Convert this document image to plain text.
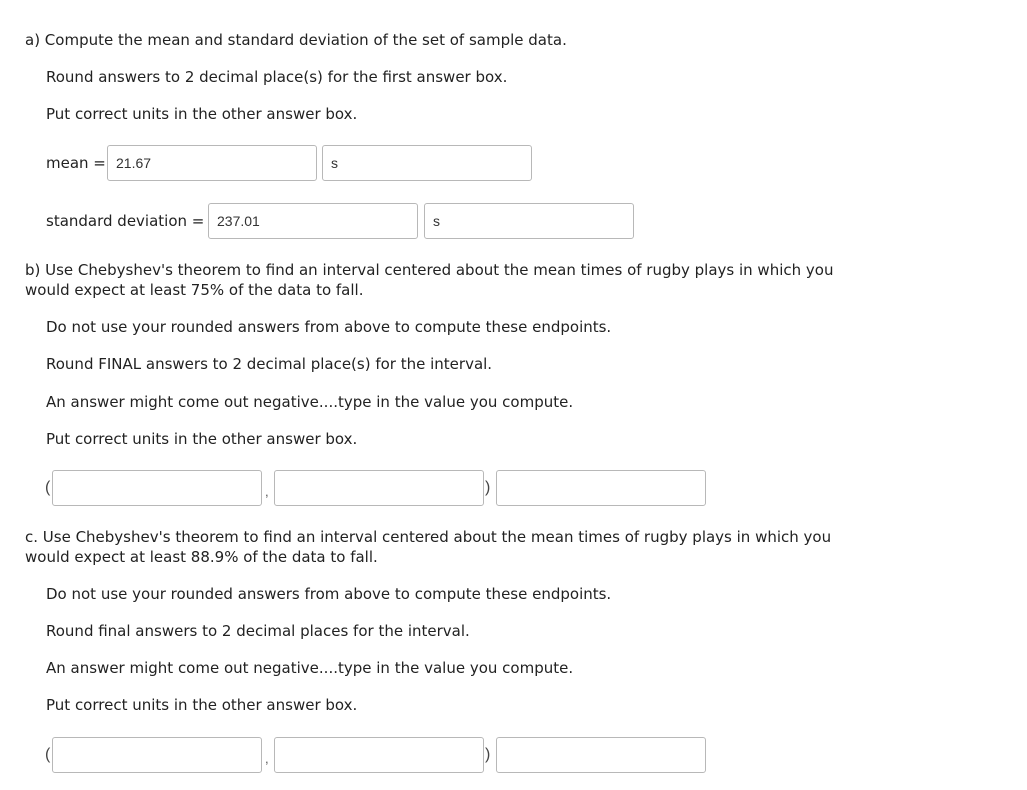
a) Compute the mean and standard deviation of the set of sample data.
Round answers to 2 decimal place(s) for the first answer box.
Put correct units in the other answer box.
mean =
21.67
s
standard deviation =
237.01
s
b) Use Chebyshev's theorem to find an interval centered about the mean times of rugby plays in which you would expect at least 75% of the data to fall.
Do not use your rounded answers from above to compute these endpoints.
Round FINAL answers to 2 decimal place(s) for the interval.
An answer might come out negative....type in the value you compute.
Put correct units in the other answer box.
(	,	)
c. Use Chebyshev's theorem to find an interval centered about the mean times of rugby plays in which you would expect at least 88.9% of the data to fall.
Do not use your rounded answers from above to compute these endpoints.
Round final answers to 2 decimal places for the interval.
An answer might come out negative....type in the value you compute.
Put correct units in the other answer box.
(	,	)
